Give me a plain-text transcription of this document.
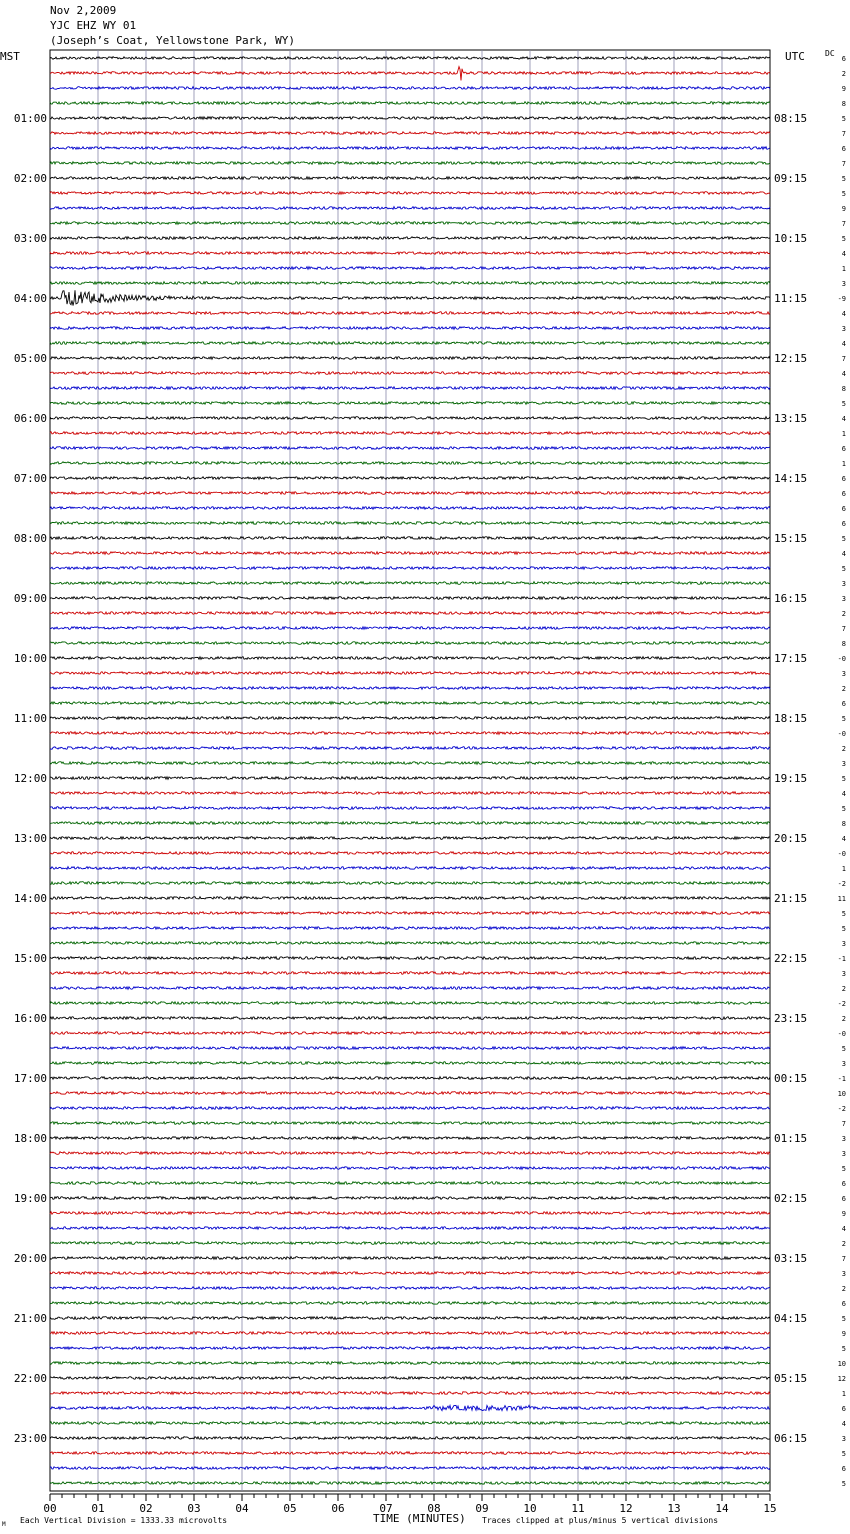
Nov 2,2009
YJC EHZ WY 01
(Joseph’s Coat, Yellowstone Park, WY)
MST	UTC	DC
01:00
02:00
03:00
04:00
05:00
06:00
07:00
08:00
09:00
10:00
11:00
12:00
13:00
14:00
15:00
16:00
17:00
18:00
19:00
20:00
21:00
22:00
23:00
08:15
09:15
10:15
11:15
12:15
13:15
14:15
15:15
16:15
17:15
18:15
19:15
20:15
21:15
22:15
23:15
00:15
01:15
02:15
03:15
04:15
05:15
06:15
6
2
9
8
5
7
6
7
5
5
9
7
5
4
1
3
-9
4
3
4
7
4
8
5
4
1
6
1
6
6
6
6
5
4
5
3
3
2
7
8
-0
3
2
6
5
-0
2
3
5
4
5
8
4
-0
1
-2
11
5
5
3
-1
3
2
-2
2
-0
5
3
-1
10
-2
7
3
3
5
6
6
9
4
2
7
3
2
6
5
9
5
10
12
1
6
4
3
5
6
5
00	01	02	03	04	05	06	07	08	09	10	11	12	13	14	15
TIME (MINUTES)
Each Vertical Division = 1333.33 microvolts	Traces clipped at plus/minus 5 vertical divisions
M
